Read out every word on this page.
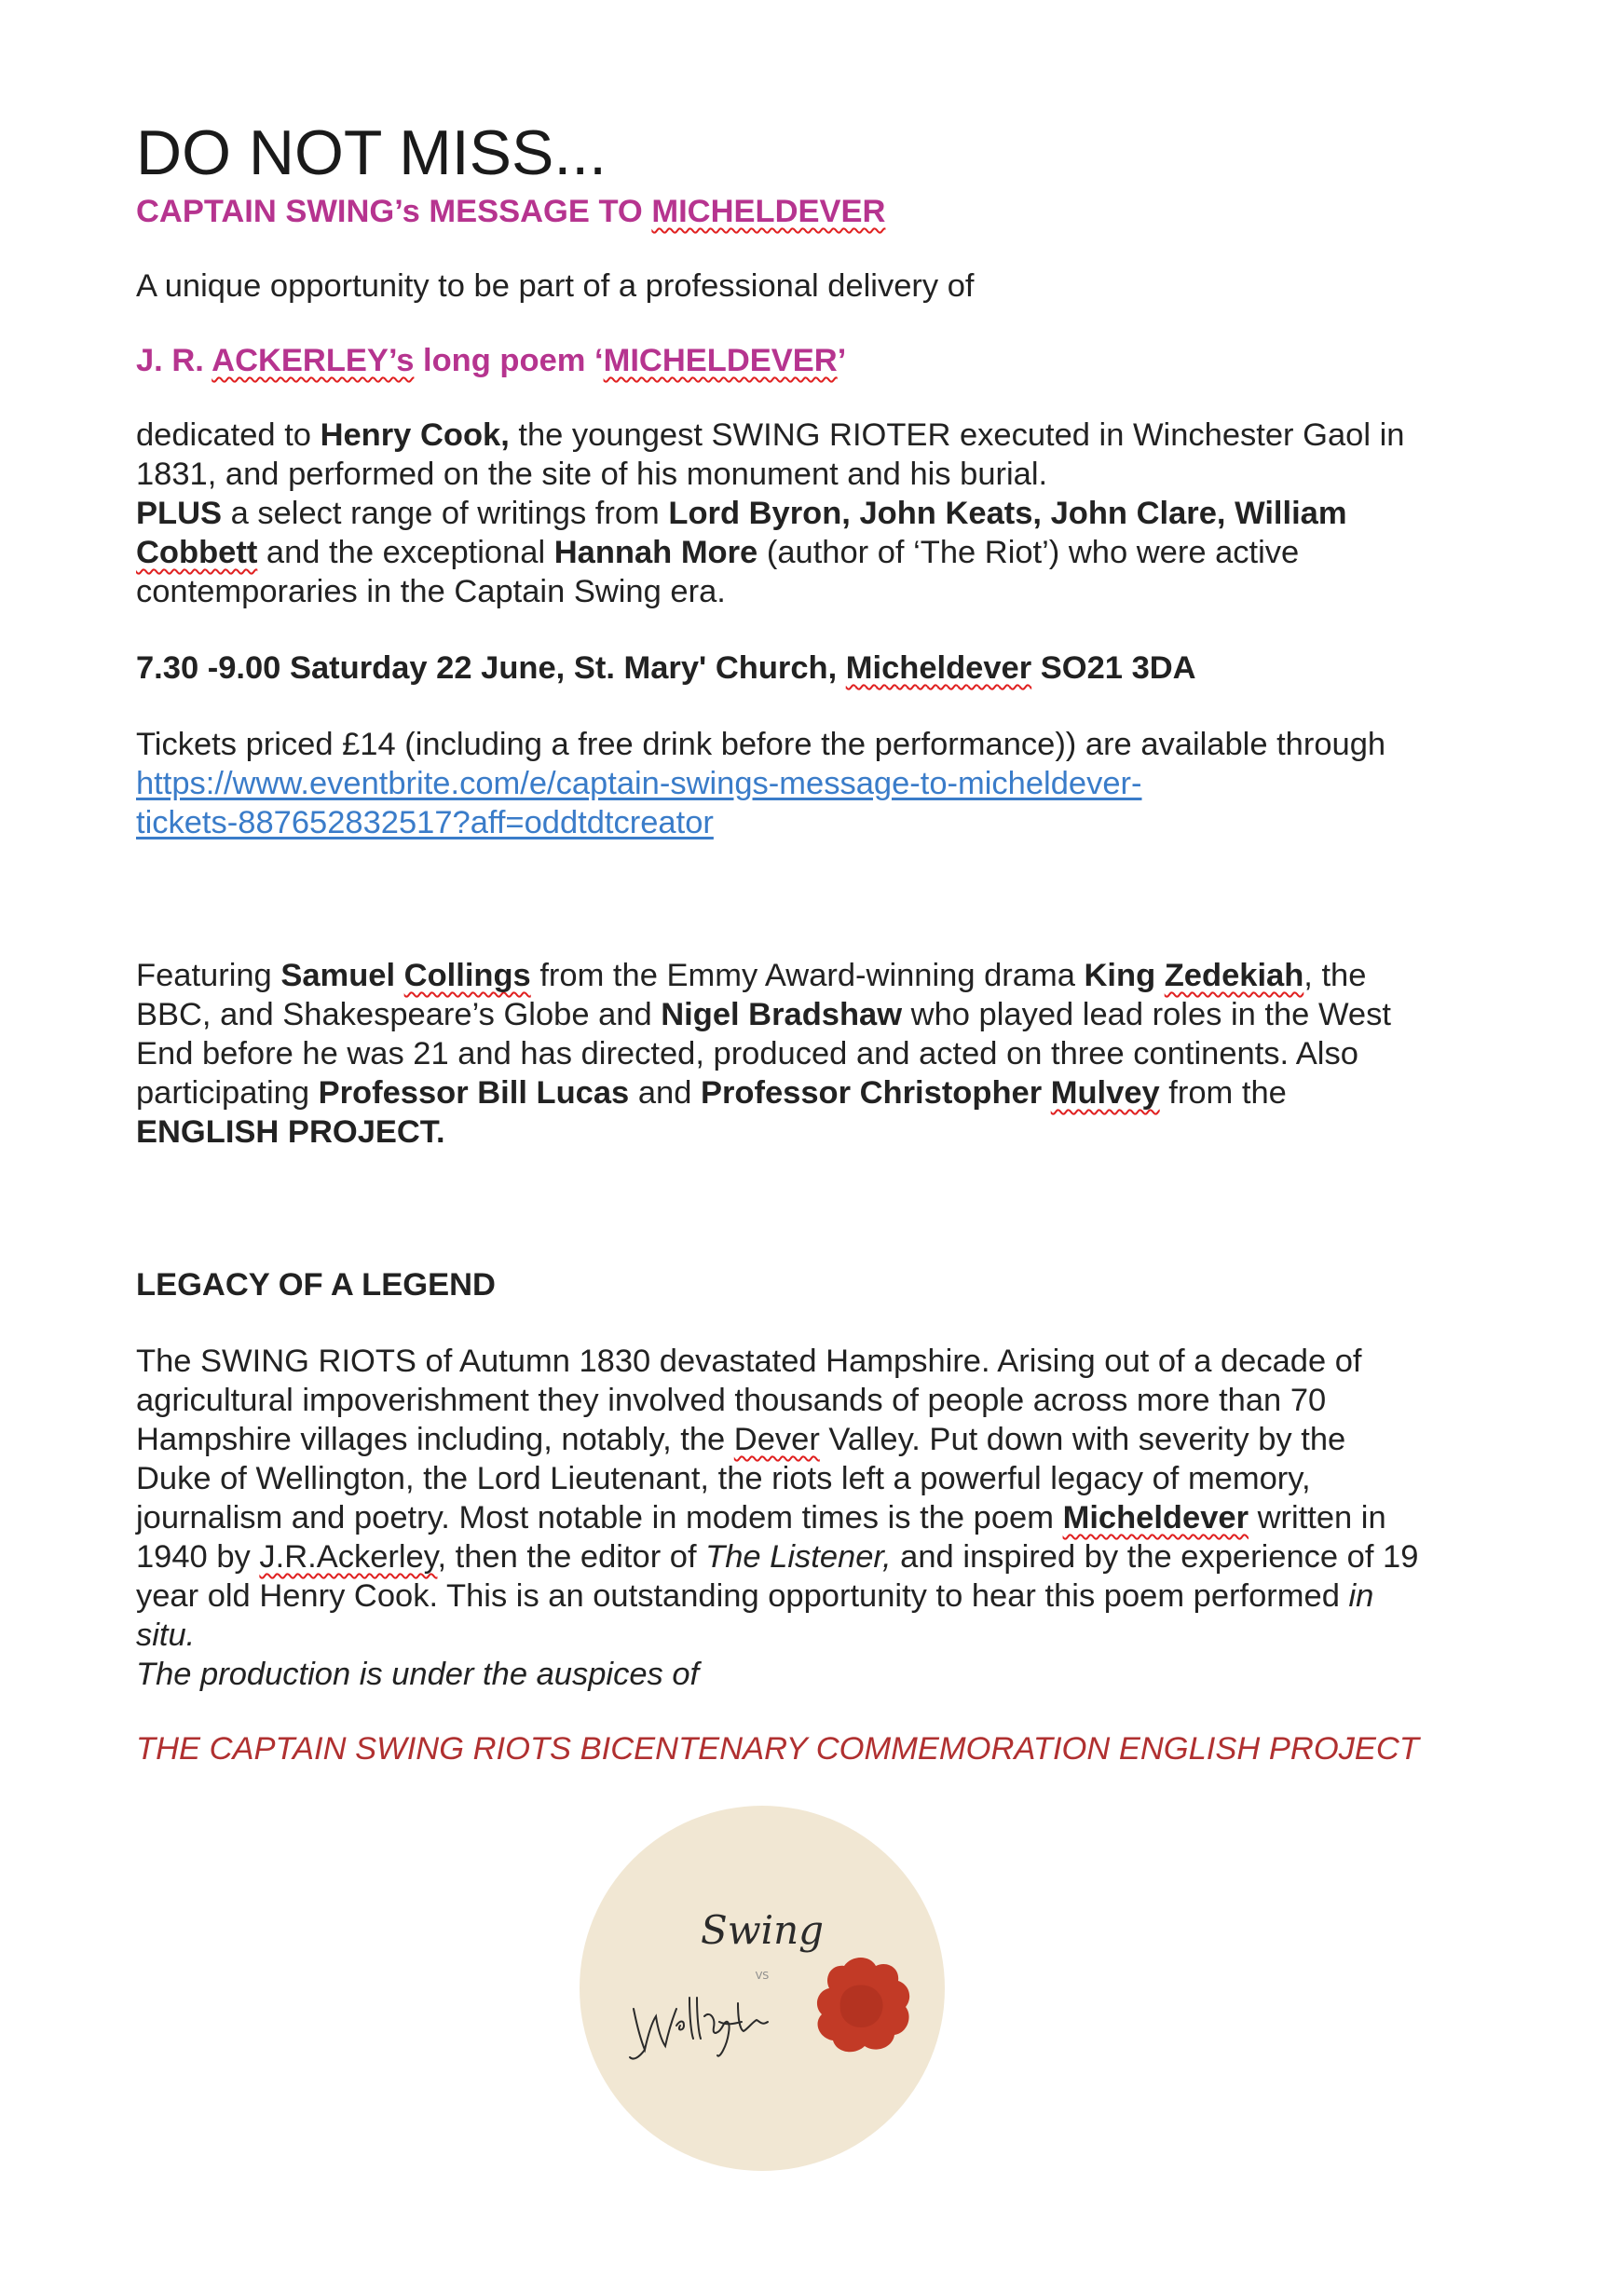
DO NOT MISS...
CAPTAIN SWING’s MESSAGE TO MICHELDEVER
A unique opportunity to be part of a professional delivery of
J. R. ACKERLEY’s long poem ‘MICHELDEVER’
dedicated to Henry Cook, the youngest SWING RIOTER executed in Winchester Gaol in
1831, and performed on the site of his monument and his burial.
PLUS a select range of writings from Lord Byron, John Keats, John Clare, William
Cobbett and the exceptional Hannah More (author of ‘The Riot’) who were active
contemporaries in the Captain Swing era.
7.30 -9.00 Saturday 22 June, St. Mary' Church, Micheldever SO21 3DA
Tickets priced £14 (including a free drink before the performance)) are available through
https://www.eventbrite.com/e/captain-swings-message-to-micheldever-
tickets-887652832517?aff=oddtdtcreator
Featuring Samuel Collings from the Emmy Award-winning drama King Zedekiah, the
BBC, and Shakespeare’s Globe and Nigel Bradshaw who played lead roles in the West
End before he was 21 and has directed, produced and acted on three continents. Also
participating Professor Bill Lucas and Professor Christopher Mulvey from the
ENGLISH PROJECT.
LEGACY OF A LEGEND
The SWING RIOTS of Autumn 1830 devastated Hampshire. Arising out of a decade of
agricultural impoverishment they involved thousands of people across more than 70
Hampshire villages including, notably, the Dever Valley. Put down with severity by the
Duke of Wellington, the Lord Lieutenant, the riots left a powerful legacy of memory,
journalism and poetry. Most notable in modem times is the poem Micheldever written in
1940 by J.R.Ackerley, then the editor of The Listener, and inspired by the experience of 19
year old Henry Cook. This is an outstanding opportunity to hear this poem performed in
situ.
The production is under the auspices of
THE CAPTAIN SWING RIOTS BICENTENARY COMMEMORATION ENGLISH PROJECT
Swing
VS
